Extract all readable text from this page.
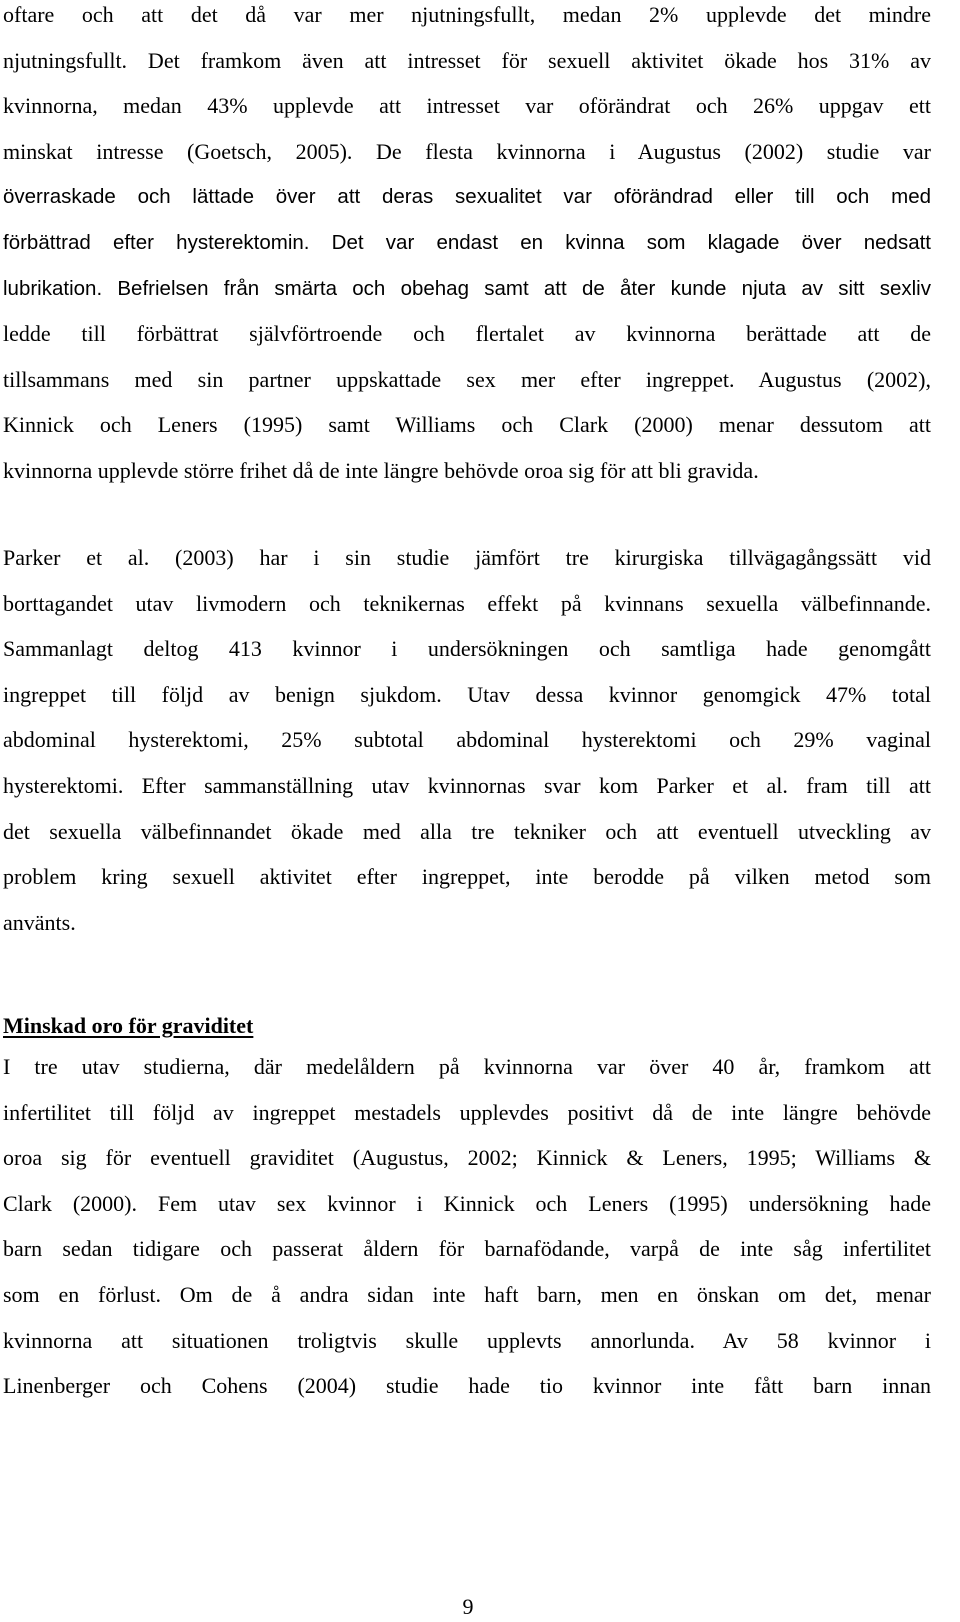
oftare och att det då var mer njutningsfullt, medan 2% upplevde det mindre
njutningsfullt. Det framkom även att intresset för sexuell aktivitet ökade hos 31% av
kvinnorna, medan 43% upplevde att intresset var oförändrat och 26% uppgav ett
minskat intresse (Goetsch, 2005). De flesta kvinnorna i Augustus (2002) studie var
överraskade och lättade över att deras sexualitet var oförändrad eller till och med
förbättrad efter hysterektomin. Det var endast en kvinna som klagade över nedsatt
lubrikation. Befrielsen från smärta och obehag samt att de åter kunde njuta av sitt sexliv
ledde till förbättrat självförtroende och flertalet av kvinnorna berättade att de
tillsammans med sin partner uppskattade sex mer efter ingreppet. Augustus (2002),
Kinnick och Leners (1995) samt Williams och Clark (2000) menar dessutom att
kvinnorna upplevde större frihet då de inte längre behövde oroa sig för att bli gravida.
Parker et al. (2003) har i sin studie jämfört tre kirurgiska tillvägagångssätt vid
borttagandet utav livmodern och teknikernas effekt på kvinnans sexuella välbefinnande.
Sammanlagt deltog 413 kvinnor i undersökningen och samtliga hade genomgått
ingreppet till följd av benign sjukdom. Utav dessa kvinnor genomgick 47% total
abdominal hysterektomi, 25% subtotal abdominal hysterektomi och 29% vaginal
hysterektomi. Efter sammanställning utav kvinnornas svar kom Parker et al. fram till att
det sexuella välbefinnandet ökade med alla tre tekniker och att eventuell utveckling av
problem kring sexuell aktivitet efter ingreppet, inte berodde på vilken metod som
använts.
Minskad oro för graviditet
I tre utav studierna, där medelåldern på kvinnorna var över 40 år, framkom att
infertilitet till följd av ingreppet mestadels upplevdes positivt då de inte längre behövde
oroa sig för eventuell graviditet (Augustus, 2002; Kinnick & Leners, 1995; Williams &
Clark (2000). Fem utav sex kvinnor i Kinnick och Leners (1995) undersökning hade
barn sedan tidigare och passerat åldern för barnafödande, varpå de inte såg infertilitet
som en förlust. Om de å andra sidan inte haft barn, men en önskan om det, menar
kvinnorna att situationen troligtvis skulle upplevts annorlunda. Av 58 kvinnor i
Linenberger och Cohens (2004) studie hade tio kvinnor inte fått barn innan
9
